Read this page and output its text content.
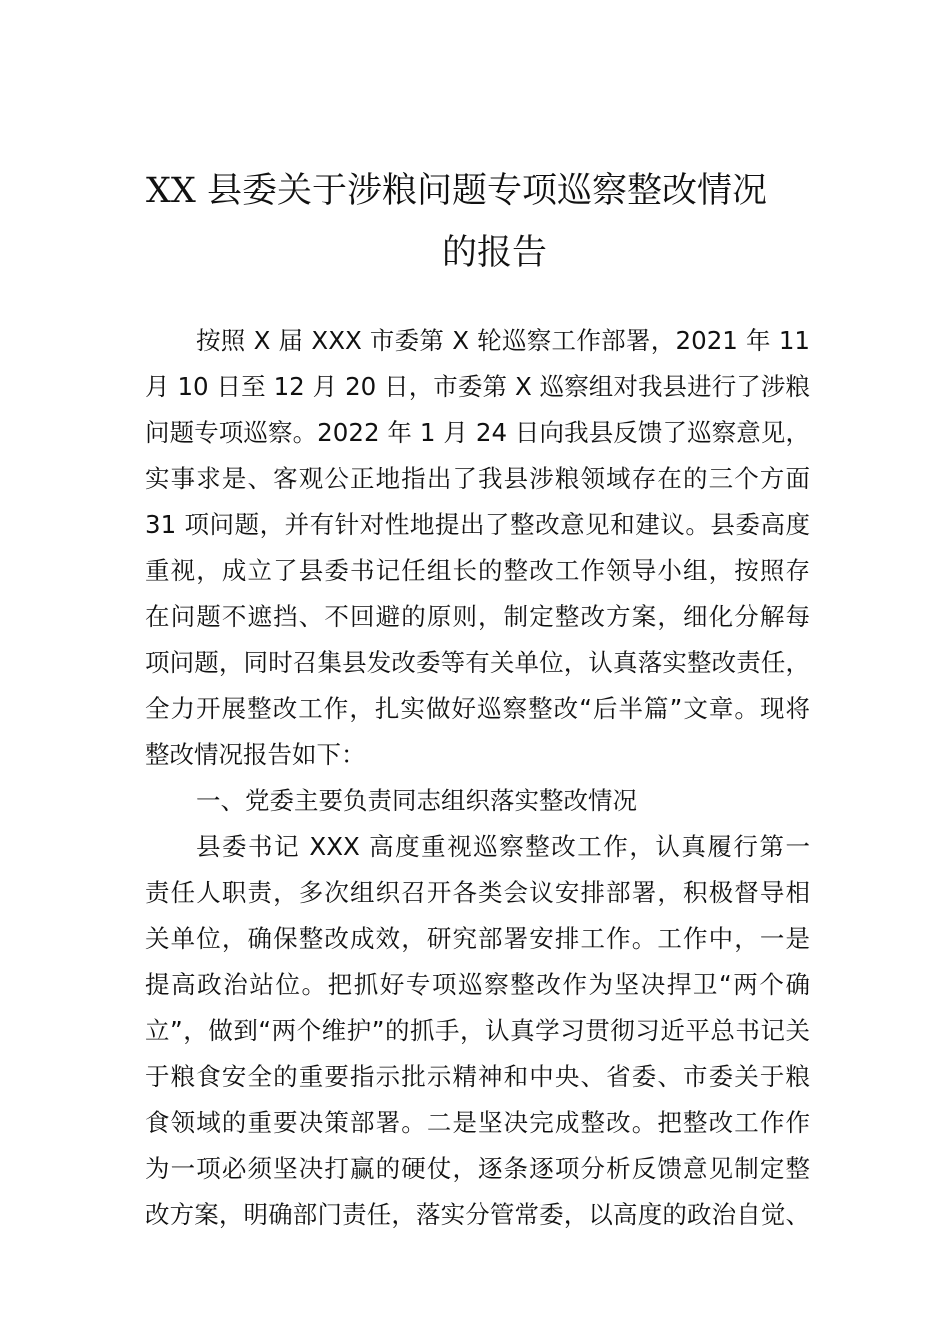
XX 县委关于涉粮问题专项巡察整改情况
的报告
按照 X 届 XXX 市委第 X 轮巡察工作部署，2021 年 11
月 10 日至 12 月 20 日，市委第 X 巡察组对我县进行了涉粮
问题专项巡察。2022 年 1 月 24 日向我县反馈了巡察意见，
实事求是、客观公正地指出了我县涉粮领域存在的三个方面
31 项问题，并有针对性地提出了整改意见和建议。县委高度
重视，成立了县委书记任组长的整改工作领导小组，按照存
在问题不遮挡、不回避的原则，制定整改方案，细化分解每
项问题，同时召集县发改委等有关单位，认真落实整改责任，
全力开展整改工作，扎实做好巡察整改“后半篇”文章。现将
整改情况报告如下：
一、党委主要负责同志组织落实整改情况
县委书记 XXX 高度重视巡察整改工作，认真履行第一
责任人职责，多次组织召开各类会议安排部署，积极督导相
关单位，确保整改成效，研究部署安排工作。工作中，一是
提高政治站位。把抓好专项巡察整改作为坚决捍卫“两个确
立”，做到“两个维护”的抓手，认真学习贯彻习近平总书记关
于粮食安全的重要指示批示精神和中央、省委、市委关于粮
食领域的重要决策部署。二是坚决完成整改。把整改工作作
为一项必须坚决打赢的硬仗，逐条逐项分析反馈意见制定整
改方案，明确部门责任，落实分管常委，以高度的政治自觉、
